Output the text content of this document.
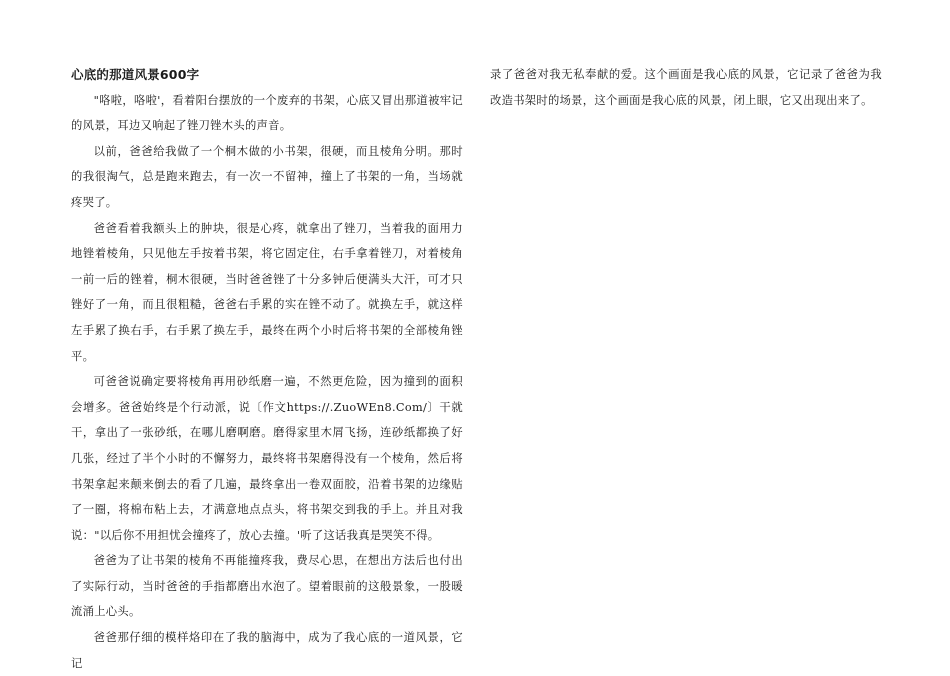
心底的那道风景600字

"咯啦，咯啦'，看着阳台摆放的一个废弃的书架，心底又冒出那道被牢记的风景，耳边又响起了锉刀锉木头的声音。

以前，爸爸给我做了一个桐木做的小书架，很硬，而且棱角分明。那时的我很淘气，总是跑来跑去，有一次一不留神，撞上了书架的一角，当场就疼哭了。

爸爸看着我额头上的肿块，很是心疼，就拿出了锉刀，当着我的面用力地锉着棱角，只见他左手按着书架，将它固定住，右手拿着锉刀，对着棱角一前一后的锉着，桐木很硬，当时爸爸锉了十分多钟后便满头大汗，可才只锉好了一角，而且很粗糙，爸爸右手累的实在锉不动了。就换左手，就这样左手累了换右手，右手累了换左手，最终在两个小时后将书架的全部棱角锉平。

可爸爸说确定要将棱角再用砂纸磨一遍，不然更危险，因为撞到的面积会增多。爸爸始终是个行动派，说〔作文https://.ZuoWEn8.Com/〕干就干，拿出了一张砂纸，在哪儿磨啊磨。磨得家里木屑飞扬，连砂纸都换了好几张，经过了半个小时的不懈努力，最终将书架磨得没有一个棱角，然后将书架拿起来颠来倒去的看了几遍，最终拿出一卷双面胶，沿着书架的边缘贴了一圈，将棉布粘上去，才满意地点点头，将书架交到我的手上。并且对我说："以后你不用担忧会撞疼了，放心去撞。'听了这话我真是哭笑不得。

爸爸为了让书架的棱角不再能撞疼我，费尽心思，在想出方法后也付出了实际行动，当时爸爸的手指都磨出水泡了。望着眼前的这般景象，一股暖流涌上心头。

爸爸那仔细的模样烙印在了我的脑海中，成为了我心底的一道风景，它记

录了爸爸对我无私奉献的爱。这个画面是我心底的风景，它记录了爸爸为我改造书架时的场景，这个画面是我心底的风景，闭上眼，它又出现出来了。
